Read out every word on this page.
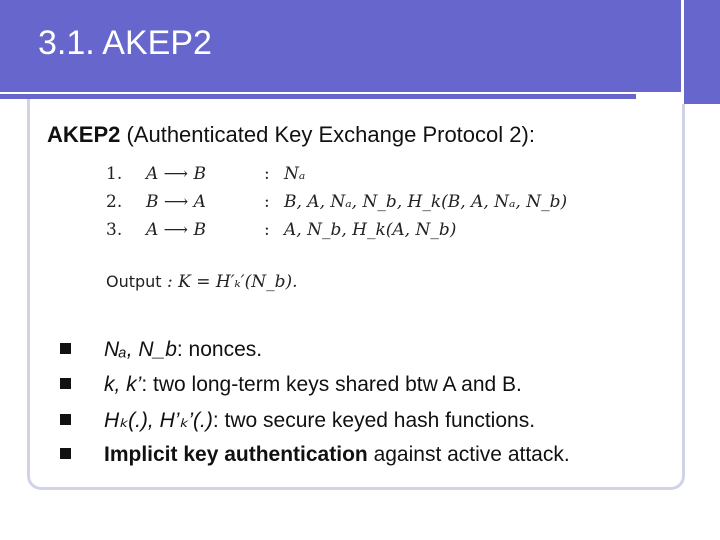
3.1. AKEP2
AKEP2 (Authenticated Key Exchange Protocol 2):
1. A ⟶ B	: Nₐ
2. B ⟶ A	: B, A, Nₐ, N_b, H_k(B, A, Nₐ, N_b)
3. A ⟶ B	: A, N_b, H_k(A, N_b)
Output : K = H′ₖ′(N_b).
Nₐ, N_b: nonces.
k, k’: two long-term keys shared btw A and B.
Hₖ(.), H’ₖ’(.): two secure keyed hash functions.
Implicit key authentication against active attack.
